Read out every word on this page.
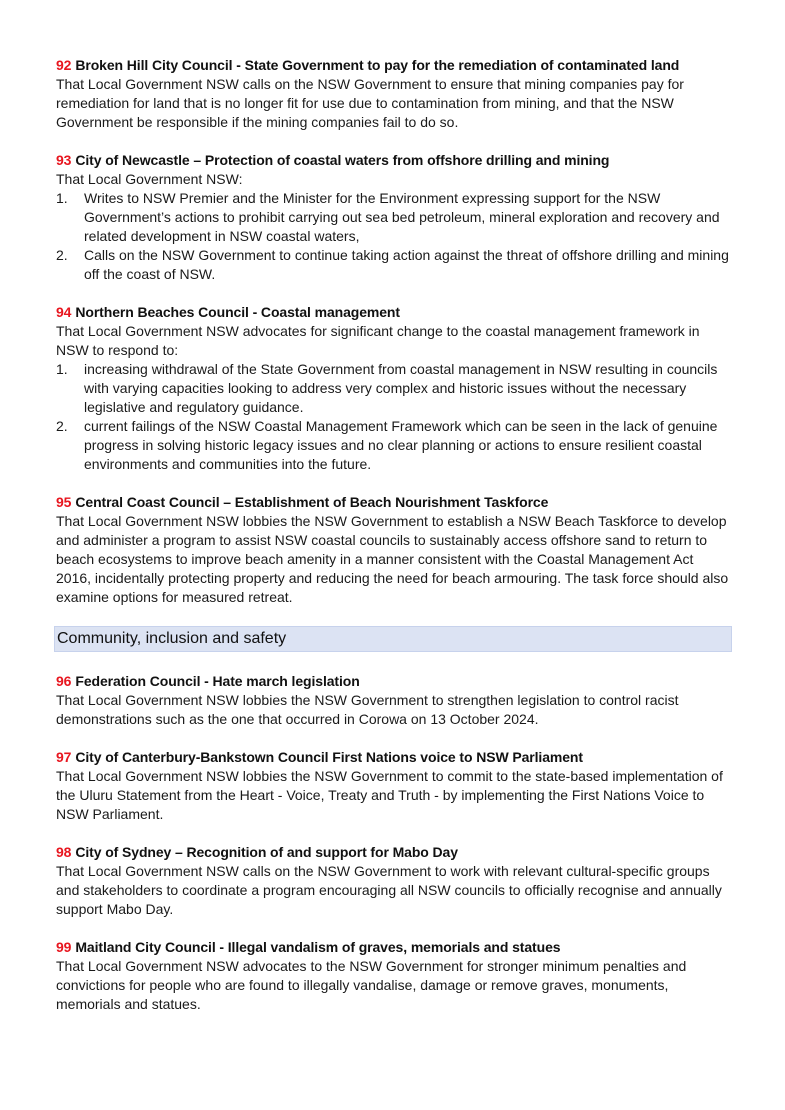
92 Broken Hill City Council - State Government to pay for the remediation of contaminated land

That Local Government NSW calls on the NSW Government to ensure that mining companies pay for remediation for land that is no longer fit for use due to contamination from mining, and that the NSW Government be responsible if the mining companies fail to do so.

93 City of Newcastle – Protection of coastal waters from offshore drilling and mining

That Local Government NSW:

1. Writes to NSW Premier and the Minister for the Environment expressing support for the NSW Government’s actions to prohibit carrying out sea bed petroleum, mineral exploration and recovery and related development in NSW coastal waters,
2. Calls on the NSW Government to continue taking action against the threat of offshore drilling and mining off the coast of NSW.
94 Northern Beaches Council - Coastal management

That Local Government NSW advocates for significant change to the coastal management framework in NSW to respond to:

1. increasing withdrawal of the State Government from coastal management in NSW resulting in councils with varying capacities looking to address very complex and historic issues without the necessary legislative and regulatory guidance.
2. current failings of the NSW Coastal Management Framework which can be seen in the lack of genuine progress in solving historic legacy issues and no clear planning or actions to ensure resilient coastal environments and communities into the future.
95 Central Coast Council – Establishment of Beach Nourishment Taskforce

That Local Government NSW lobbies the NSW Government to establish a NSW Beach Taskforce to develop and administer a program to assist NSW coastal councils to sustainably access offshore sand to return to beach ecosystems to improve beach amenity in a manner consistent with the Coastal Management Act 2016, incidentally protecting property and reducing the need for beach armouring. The task force should also examine options for measured retreat.

Community, inclusion and safety
96 Federation Council - Hate march legislation

That Local Government NSW lobbies the NSW Government to strengthen legislation to control racist demonstrations such as the one that occurred in Corowa on 13 October 2024.

97 City of Canterbury-Bankstown Council First Nations voice to NSW Parliament

That Local Government NSW lobbies the NSW Government to commit to the state-based implementation of the Uluru Statement from the Heart - Voice, Treaty and Truth - by implementing the First Nations Voice to NSW Parliament.

98 City of Sydney – Recognition of and support for Mabo Day

That Local Government NSW calls on the NSW Government to work with relevant cultural-specific groups and stakeholders to coordinate a program encouraging all NSW councils to officially recognise and annually support Mabo Day.

99 Maitland City Council - Illegal vandalism of graves, memorials and statues

That Local Government NSW advocates to the NSW Government for stronger minimum penalties and convictions for people who are found to illegally vandalise, damage or remove graves, monuments, memorials and statues.
